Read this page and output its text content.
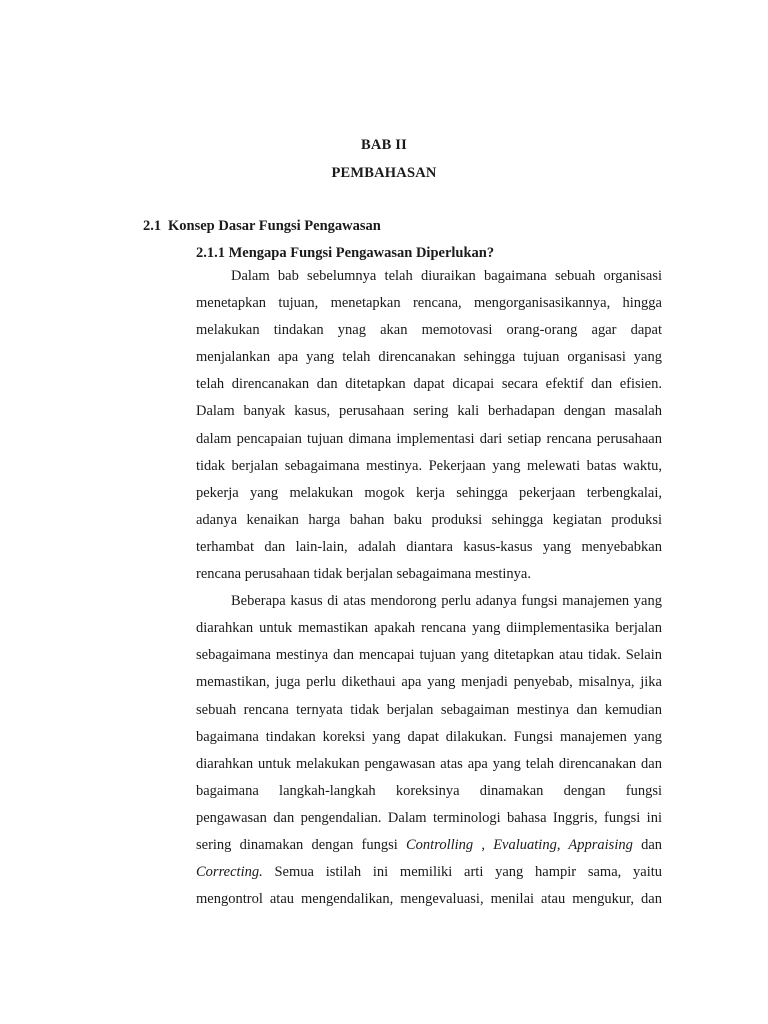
BAB II
PEMBAHASAN
2.1 Konsep Dasar Fungsi Pengawasan
2.1.1 Mengapa Fungsi Pengawasan Diperlukan?
Dalam bab sebelumnya telah diuraikan bagaimana sebuah organisasi
menetapkan tujuan, menetapkan rencana, mengorganisasikannya, hingga
melakukan tindakan ynag akan memotovasi orang-orang agar dapat
menjalankan apa yang telah direncanakan sehingga tujuan organisasi yang
telah direncanakan dan ditetapkan dapat dicapai secara efektif dan efisien.
Dalam banyak kasus, perusahaan sering kali berhadapan dengan masalah
dalam pencapaian tujuan dimana implementasi dari setiap rencana perusahaan
tidak berjalan sebagaimana mestinya. Pekerjaan yang melewati batas waktu,
pekerja yang melakukan mogok kerja sehingga pekerjaan terbengkalai,
adanya kenaikan harga bahan baku produksi sehingga kegiatan produksi
terhambat dan lain-lain, adalah diantara kasus-kasus yang menyebabkan
rencana perusahaan tidak berjalan sebagaimana mestinya.
Beberapa kasus di atas mendorong perlu adanya fungsi manajemen yang
diarahkan untuk memastikan apakah rencana yang diimplementasika berjalan
sebagaimana mestinya dan mencapai tujuan yang ditetapkan atau tidak. Selain
memastikan, juga perlu dikethaui apa yang menjadi penyebab, misalnya, jika
sebuah rencana ternyata tidak berjalan sebagaiman mestinya dan kemudian
bagaimana tindakan koreksi yang dapat dilakukan. Fungsi manajemen yang
diarahkan untuk melakukan pengawasan atas apa yang telah direncanakan dan
bagaimana langkah-langkah koreksinya dinamakan dengan fungsi
pengawasan dan pengendalian. Dalam terminologi bahasa Inggris, fungsi ini
sering dinamakan dengan fungsi Controlling , Evaluating, Appraising dan
Correcting. Semua istilah ini memiliki arti yang hampir sama, yaitu
mengontrol atau mengendalikan, mengevaluasi, menilai atau mengukur, dan
